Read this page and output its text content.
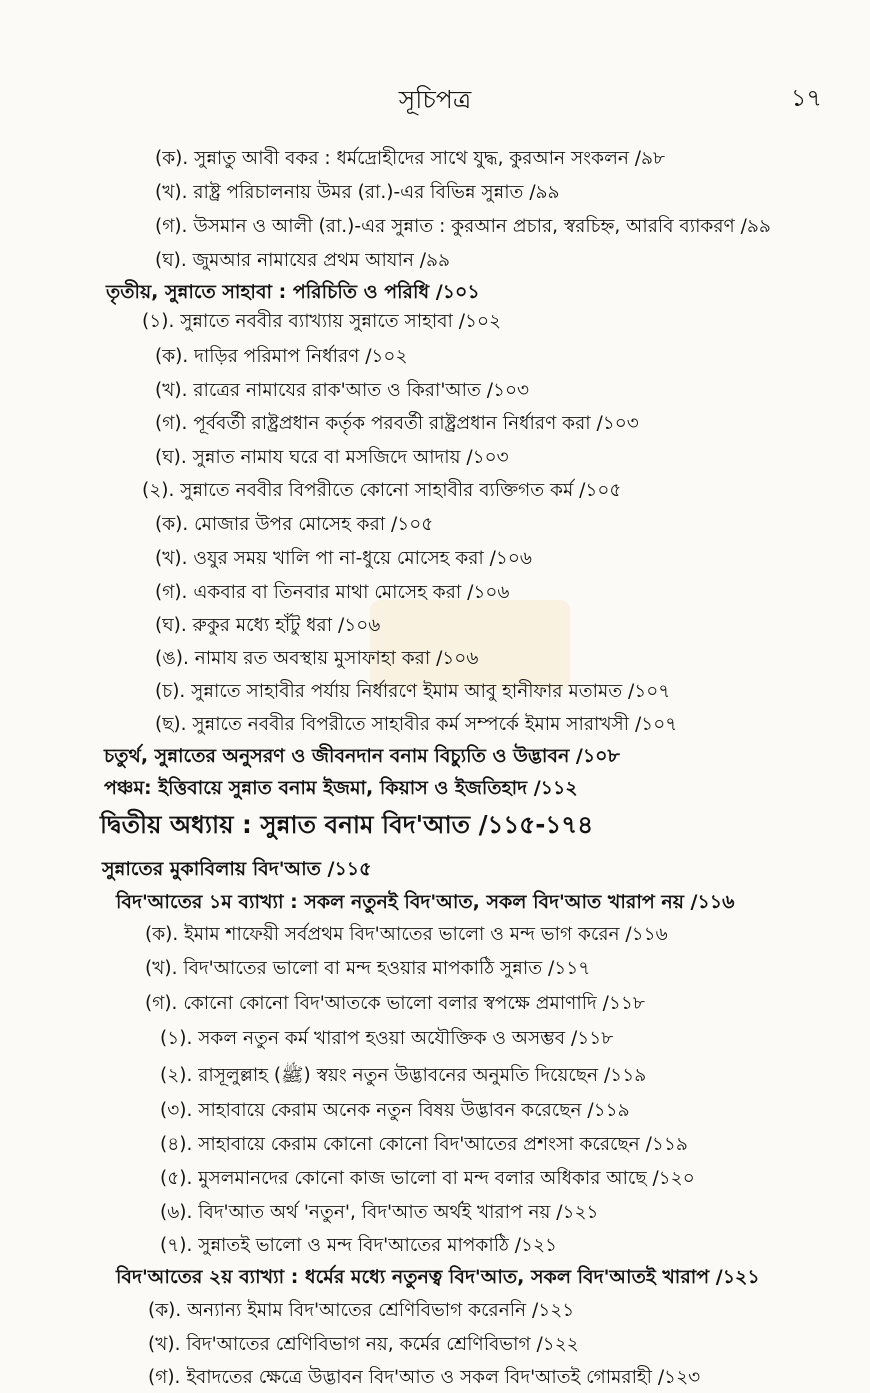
সূচিপত্র	১৭
(ক). সুন্নাতু আবী বকর : ধর্মদ্রোহীদের সাথে যুদ্ধ, কুরআন সংকলন /৯৮
(খ). রাষ্ট্র পরিচালনায় উমর (রা.)-এর বিভিন্ন সুন্নাত /৯৯
(গ). উসমান ও আলী (রা.)-এর সুন্নাত : কুরআন প্রচার, স্বরচিহ্ন, আরবি ব্যাকরণ /৯৯
(ঘ). জুমআর নামাযের প্রথম আযান /৯৯
তৃতীয়, সুন্নাতে সাহাবা : পরিচিতি ও পরিধি /১০১
(১). সুন্নাতে নববীর ব্যাখ্যায় সুন্নাতে সাহাবা /১০২
(ক). দাড়ির পরিমাপ নির্ধারণ /১০২
(খ). রাত্রের নামাযের রাক'আত ও কিরা'আত /১০৩
(গ). পূর্ববর্তী রাষ্ট্রপ্রধান কর্তৃক পরবর্তী রাষ্ট্রপ্রধান নির্ধারণ করা /১০৩
(ঘ). সুন্নাত নামায ঘরে বা মসজিদে আদায় /১০৩
(২). সুন্নাতে নববীর বিপরীতে কোনো সাহাবীর ব্যক্তিগত কর্ম /১০৫
(ক). মোজার উপর মোসেহ করা /১০৫
(খ). ওযুর সময় খালি পা না-ধুয়ে মোসেহ করা /১০৬
(গ). একবার বা তিনবার মাথা মোসেহ করা /১০৬
(ঘ). রুকুর মধ্যে হাঁটু ধরা /১০৬
(ঙ). নামায রত অবস্থায় মুসাফাহা করা /১০৬
(চ). সুন্নাতে সাহাবীর পর্যায় নির্ধারণে ইমাম আবু হানীফার মতামত /১০৭
(ছ). সুন্নাতে নববীর বিপরীতে সাহাবীর কর্ম সম্পর্কে ইমাম সারাখসী /১০৭
চতুর্থ, সুন্নাতের অনুসরণ ও জীবনদান বনাম বিচ্যুতি ও উদ্ভাবন /১০৮
পঞ্চম: ইত্তিবায়ে সুন্নাত বনাম ইজমা, কিয়াস ও ইজতিহাদ /১১২
দ্বিতীয় অধ্যায় : সুন্নাত বনাম বিদ'আত /১১৫-১৭৪
সুন্নাতের মুকাবিলায় বিদ'আত /১১৫
বিদ'আতের ১ম ব্যাখ্যা : সকল নতুনই বিদ'আত, সকল বিদ'আত খারাপ নয় /১১৬
(ক). ইমাম শাফেয়ী সর্বপ্রথম বিদ'আতের ভালো ও মন্দ ভাগ করেন /১১৬
(খ). বিদ'আতের ভালো বা মন্দ হওয়ার মাপকাঠি সুন্নাত /১১৭
(গ). কোনো কোনো বিদ'আতকে ভালো বলার স্বপক্ষে প্রমাণাদি /১১৮
(১). সকল নতুন কর্ম খারাপ হওয়া অযৌক্তিক ও অসম্ভব /১১৮
(২). রাসূলুল্লাহ (ﷺ) স্বয়ং নতুন উদ্ভাবনের অনুমতি দিয়েছেন /১১৯
(৩). সাহাবায়ে কেরাম অনেক নতুন বিষয় উদ্ভাবন করেছেন /১১৯
(৪). সাহাবায়ে কেরাম কোনো কোনো বিদ'আতের প্রশংসা করেছেন /১১৯
(৫). মুসলমানদের কোনো কাজ ভালো বা মন্দ বলার অধিকার আছে /১২০
(৬). বিদ'আত অর্থ 'নতুন', বিদ'আত অর্থই খারাপ নয় /১২১
(৭). সুন্নাতই ভালো ও মন্দ বিদ'আতের মাপকাঠি /১২১
বিদ'আতের ২য় ব্যাখ্যা : ধর্মের মধ্যে নতুনত্ব বিদ'আত, সকল বিদ'আতই খারাপ /১২১
(ক). অন্যান্য ইমাম বিদ'আতের শ্রেণিবিভাগ করেননি /১২১
(খ). বিদ'আতের শ্রেণিবিভাগ নয়, কর্মের শ্রেণিবিভাগ /১২২
(গ). ইবাদতের ক্ষেত্রে উদ্ভাবন বিদ'আত ও সকল বিদ'আতই গোমরাহী /১২৩
